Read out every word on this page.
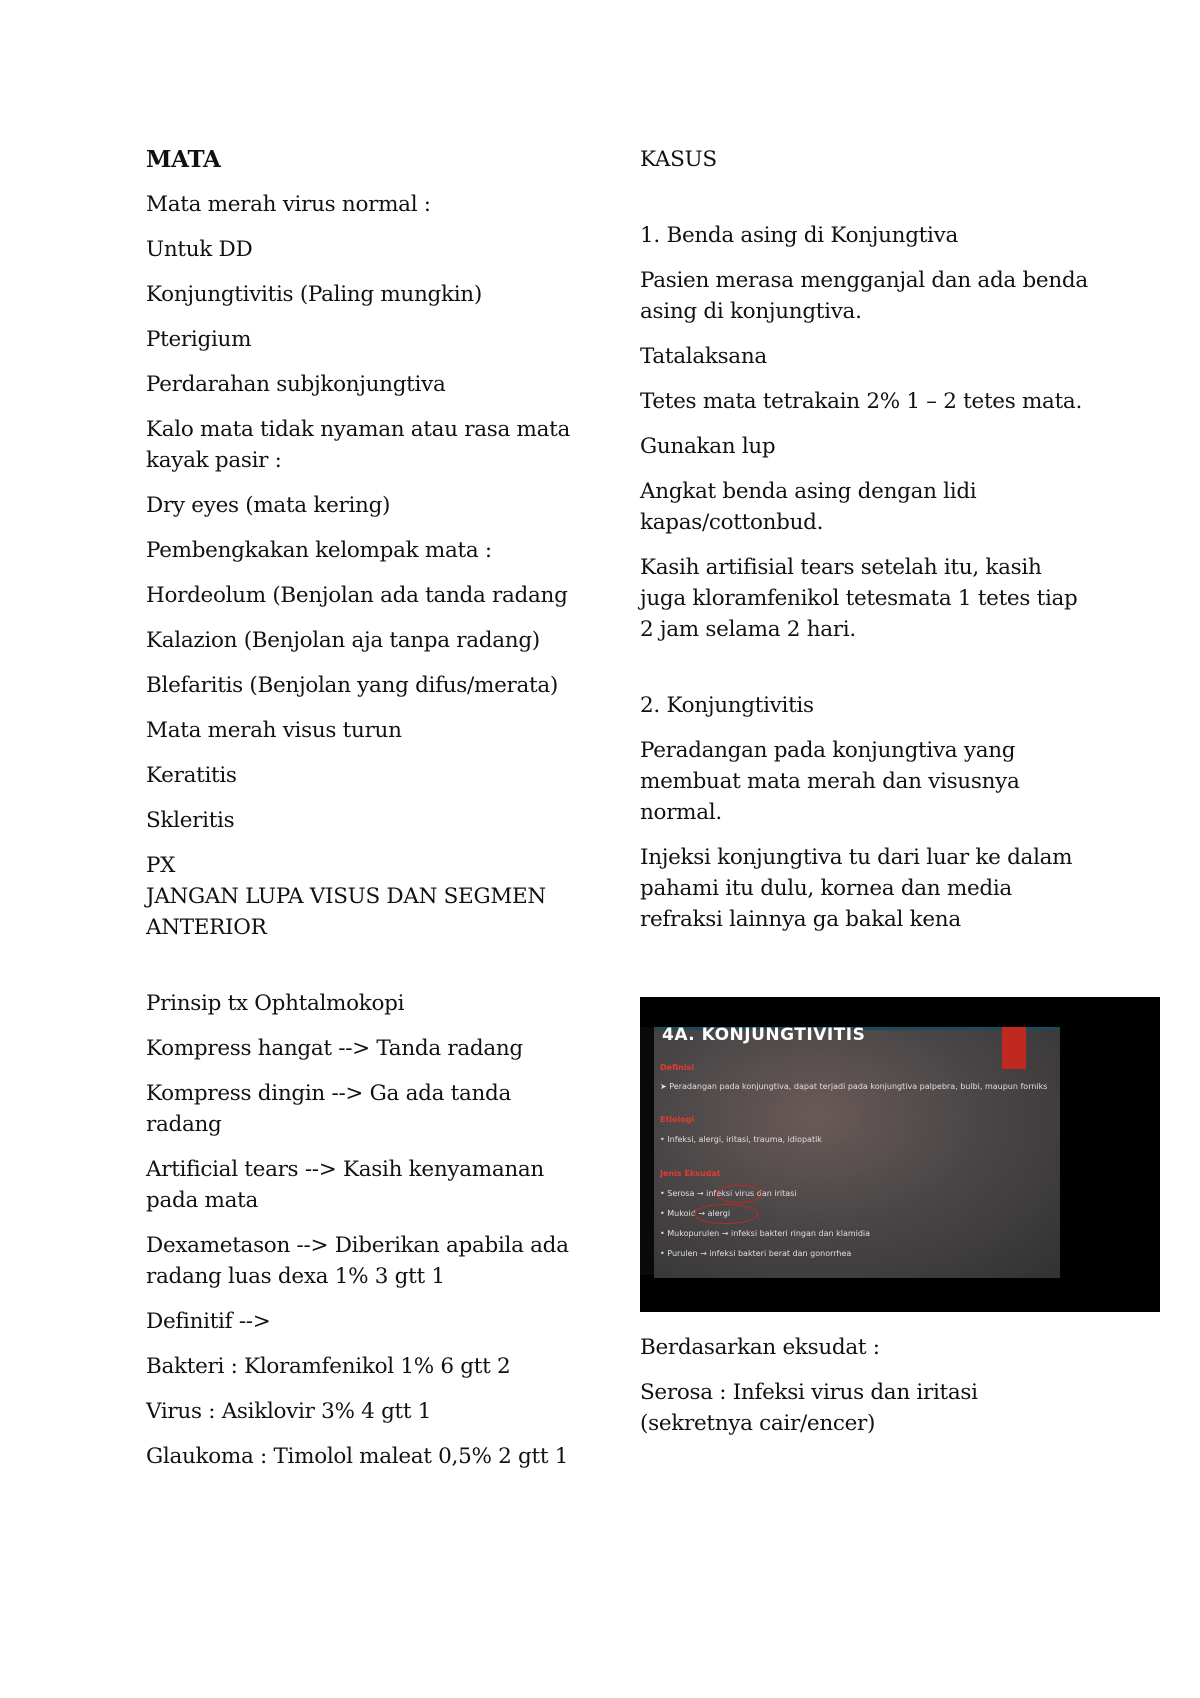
MATA

Mata merah virus normal :

Untuk DD

Konjungtivitis (Paling mungkin)

Pterigium

Perdarahan subjkonjungtiva

Kalo mata tidak nyaman atau rasa mata kayak pasir :

Dry eyes (mata kering)

Pembengkakan kelompak mata :

Hordeolum (Benjolan ada tanda radang

Kalazion (Benjolan aja tanpa radang)

Blefaritis (Benjolan yang difus/merata)

Mata merah visus turun

Keratitis

Skleritis

PX

JANGAN LUPA VISUS DAN SEGMEN ANTERIOR

Prinsip tx Ophtalmokopi

Kompress hangat --> Tanda radang

Kompress dingin --> Ga ada tanda radang

Artificial tears --> Kasih kenyamanan pada mata

Dexametason --> Diberikan apabila ada radang luas dexa 1% 3 gtt 1

Definitif -->

Bakteri : Kloramfenikol 1% 6 gtt 2

Virus : Asiklovir 3% 4 gtt 1

Glaukoma : Timolol maleat 0,5% 2 gtt 1

KASUS

1. Benda asing di Konjungtiva

Pasien merasa mengganjal dan ada benda asing di konjungtiva.

Tatalaksana

Tetes mata tetrakain 2% 1 – 2 tetes mata.

Gunakan lup

Angkat benda asing dengan lidi kapas/cottonbud.

Kasih artifisial tears setelah itu, kasih juga kloramfenikol tetesmata 1 tetes tiap 2 jam selama 2 hari.

2. Konjungtivitis

Peradangan pada konjungtiva yang membuat mata merah dan visusnya normal.

Injeksi konjungtiva tu dari luar ke dalam pahami itu dulu, kornea dan media refraksi lainnya ga bakal kena

4A. KONJUNGTIVITIS
Definisi
➤ Peradangan pada konjungtiva, dapat terjadi pada konjungtiva palpebra, bulbi, maupun forniks
Etiologi
• Infeksi, alergi, iritasi, trauma, idiopatik
Jenis Eksudat
• Serosa → infeksi virus dan iritasi
• Mukoid → alergi
• Mukopurulen → infeksi bakteri ringan dan klamidia
• Purulen → infeksi bakteri berat dan gonorrhea

Berdasarkan eksudat :

Serosa : Infeksi virus dan iritasi (sekretnya cair/encer)
